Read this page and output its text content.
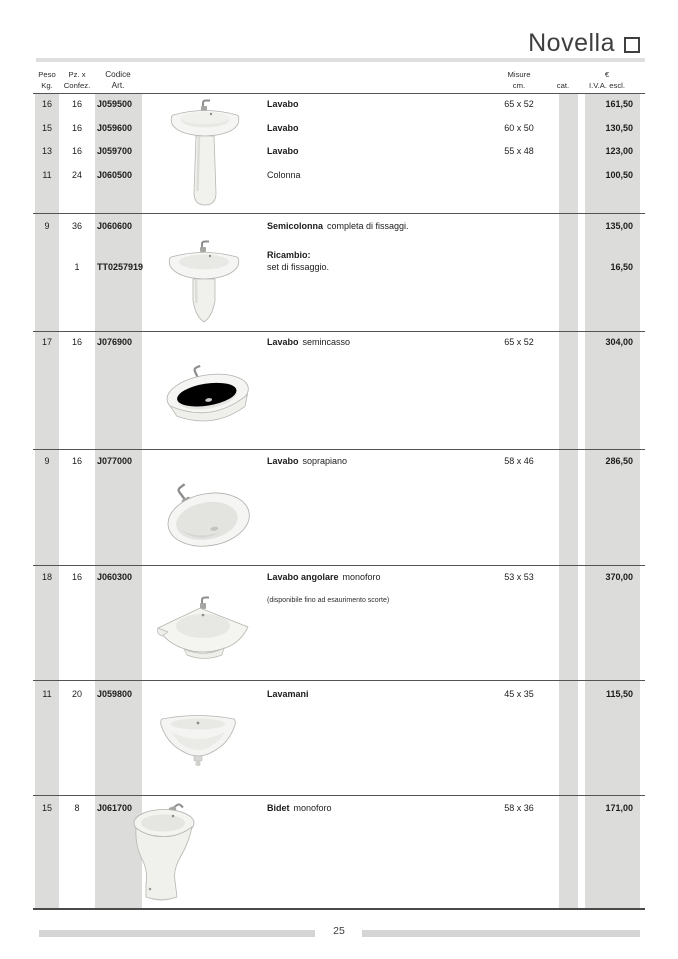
Novella
Peso
Kg.
Pz. x
Confez.
Codice
Art.
Misure
cm.	cat.
€
I.V.A. escl.
16	16	J059500	Lavabo	65 x 52	161,50
15	16	J059600	Lavabo	60 x 50	130,50
13	16	J059700	Lavabo	55 x 48	123,00
11	24	J060500	Colonna	100,50
9	36	J060600	Semicolonna completa di fissaggi.	135,00
Ricambio:
1	TT0257919	set di fissaggio.	16,50
17	16	J076900	Lavabo semincasso	65 x 52	304,00
9	16	J077000	Lavabo soprapiano	58 x 46	286,50
18	16	J060300	Lavabo angolare monoforo	53 x 53	370,00
(disponibile fino ad esaurimento scorte)
11	20	J059800	Lavamani	45 x 35	115,50
15	8	J061700	Bidet monoforo	58 x 36	171,00
25
